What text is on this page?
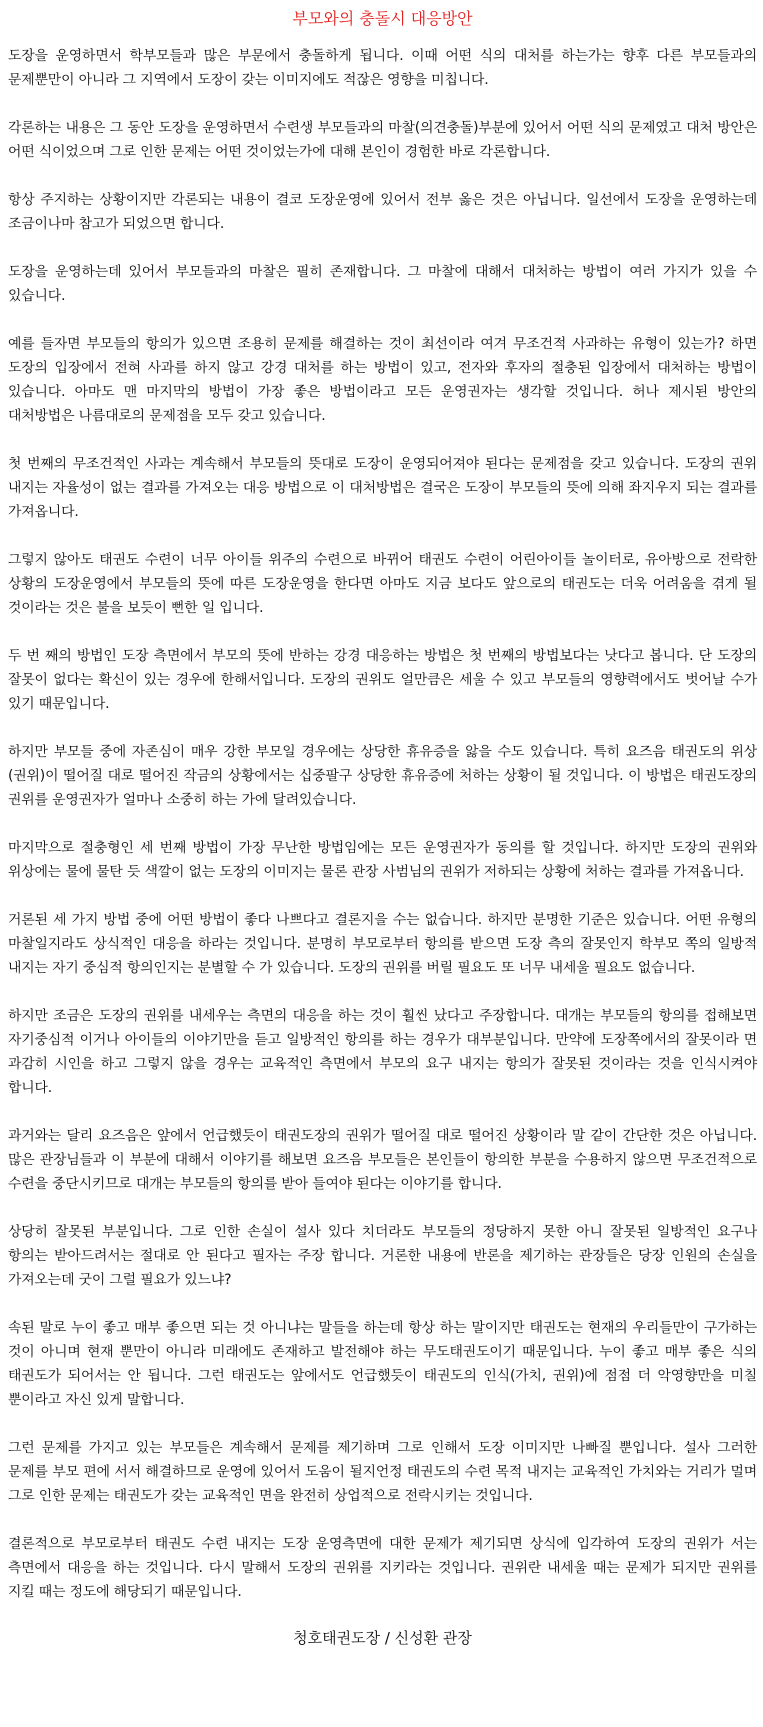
부모와의 충돌시 대응방안

도장을 운영하면서 학부모들과 많은 부문에서 충돌하게 됩니다. 이때 어떤 식의 대처를 하는가는 향후 다른 부모들과의 문제뿐만이 아니라 그 지역에서 도장이 갖는 이미지에도 적잖은 영향을 미칩니다.

각론하는 내용은 그 동안 도장을 운영하면서 수련생 부모들과의 마찰(의견충돌)부분에 있어서 어떤 식의 문제였고 대처 방안은 어떤 식이었으며 그로 인한 문제는 어떤 것이었는가에 대해 본인이 경험한 바로 각론합니다.

항상 주지하는 상황이지만 각론되는 내용이 결코 도장운영에 있어서 전부 옳은 것은 아닙니다. 일선에서 도장을 운영하는데 조금이나마 참고가 되었으면 합니다.

도장을 운영하는데 있어서 부모들과의 마찰은 필히 존재합니다. 그 마찰에 대해서 대처하는 방법이 여러 가지가 있을 수 있습니다.

예를 들자면 부모들의 항의가 있으면 조용히 문제를 해결하는 것이 최선이라 여겨 무조건적 사과하는 유형이 있는가? 하면 도장의 입장에서 전혀 사과를 하지 않고 강경 대처를 하는 방법이 있고, 전자와 후자의 절충된 입장에서 대처하는 방법이 있습니다. 아마도 맨 마지막의 방법이 가장 좋은 방법이라고 모든 운영권자는 생각할 것입니다. 허나 제시된 방안의 대처방법은 나름대로의 문제점을 모두 갖고 있습니다.

첫 번째의 무조건적인 사과는 계속해서 부모들의 뜻대로 도장이 운영되어져야 된다는 문제점을 갖고 있습니다. 도장의 권위 내지는 자율성이 없는 결과를 가져오는 대응 방법으로 이 대처방법은 결국은 도장이 부모들의 뜻에 의해 좌지우지 되는 결과를 가져옵니다.

그렇지 않아도 태권도 수련이 너무 아이들 위주의 수련으로 바뀌어 태권도 수련이 어린아이들 놀이터로, 유아방으로 전락한 상황의 도장운영에서 부모들의 뜻에 따른 도장운영을 한다면 아마도 지금 보다도 앞으로의 태권도는 더욱 어려움을 겪게 될 것이라는 것은 불을 보듯이 뻔한 일 입니다.

두 번 째의 방법인 도장 측면에서 부모의 뜻에 반하는 강경 대응하는 방법은 첫 번째의 방법보다는 낫다고 봅니다. 단 도장의 잘못이 없다는 확신이 있는 경우에 한해서입니다. 도장의 권위도 얼만큼은 세울 수 있고 부모들의 영향력에서도 벗어날 수가 있기 때문입니다.

하지만 부모들 중에 자존심이 매우 강한 부모일 경우에는 상당한 휴유증을 앓을 수도 있습니다. 특히 요즈음 태권도의 위상(권위)이 떨어질 대로 떨어진 작금의 상황에서는 십중팔구 상당한 휴유증에 처하는 상황이 될 것입니다. 이 방법은 태권도장의 권위를 운영권자가 얼마나 소중히 하는 가에 달려있습니다.

마지막으로 절충형인 세 번째 방법이 가장 무난한 방법임에는 모든 운영권자가 동의를 할 것입니다. 하지만 도장의 권위와 위상에는 물에 물탄 듯 색깔이 없는 도장의 이미지는 물론 관장 사범님의 권위가 저하되는 상황에 처하는 결과를 가져옵니다.

거론된 세 가지 방법 중에 어떤 방법이 좋다 나쁘다고 결론지을 수는 없습니다. 하지만 분명한 기준은 있습니다. 어떤 유형의 마찰일지라도 상식적인 대응을 하라는 것입니다. 분명히 부모로부터 항의를 받으면 도장 측의 잘못인지 학부모 쪽의 일방적 내지는 자기 중심적 항의인지는 분별할 수 가 있습니다. 도장의 권위를 버릴 필요도 또 너무 내세울 필요도 없습니다.

하지만 조금은 도장의 권위를 내세우는 측면의 대응을 하는 것이 훨씬 났다고 주장합니다. 대개는 부모들의 항의를 접해보면 자기중심적 이거나 아이들의 이야기만을 듣고 일방적인 항의를 하는 경우가 대부분입니다. 만약에 도장쪽에서의 잘못이라 면 과감히 시인을 하고 그렇지 않을 경우는 교육적인 측면에서 부모의 요구 내지는 항의가 잘못된 것이라는 것을 인식시켜야 합니다.

과거와는 달리 요즈음은 앞에서 언급했듯이 태권도장의 권위가 떨어질 대로 떨어진 상황이라 말 같이 간단한 것은 아닙니다. 많은 관장님들과 이 부분에 대해서 이야기를 해보면 요즈음 부모들은 본인들이 항의한 부분을 수용하지 않으면 무조건적으로 수련을 중단시키므로 대개는 부모들의 항의를 받아 들여야 된다는 이야기를 합니다.

상당히 잘못된 부분입니다. 그로 인한 손실이 설사 있다 치더라도 부모들의 정당하지 못한 아니 잘못된 일방적인 요구나 항의는 받아드려서는 절대로 안 된다고 필자는 주장 합니다. 거론한 내용에 반론을 제기하는 관장들은 당장 인원의 손실을 가져오는데 굿이 그럴 필요가 있느냐?

속된 말로 누이 좋고 매부 좋으면 되는 것 아니냐는 말들을 하는데 항상 하는 말이지만 태권도는 현재의 우리들만이 구가하는 것이 아니며 현재 뿐만이 아니라 미래에도 존재하고 발전해야 하는 무도태권도이기 때문입니다. 누이 좋고 매부 좋은 식의 태권도가 되어서는 안 됩니다. 그런 태권도는 앞에서도 언급했듯이 태권도의 인식(가치, 권위)에 점점 더 악영향만을 미칠 뿐이라고 자신 있게 말합니다.

그런 문제를 가지고 있는 부모들은 계속해서 문제를 제기하며 그로 인해서 도장 이미지만 나빠질 뿐입니다. 설사 그러한 문제를 부모 편에 서서 해결하므로 운영에 있어서 도움이 될지언정 태권도의 수련 목적 내지는 교육적인 가치와는 거리가 멀며 그로 인한 문제는 태권도가 갖는 교육적인 면을 완전히 상업적으로 전락시키는 것입니다.

결론적으로 부모로부터 태권도 수련 내지는 도장 운영측면에 대한 문제가 제기되면 상식에 입각하여 도장의 권위가 서는 측면에서 대응을 하는 것입니다. 다시 말해서 도장의 권위를 지키라는 것입니다. 권위란 내세울 때는 문제가 되지만 권위를 지킬 때는 정도에 해당되기 때문입니다.

청호태권도장 / 신성환 관장
